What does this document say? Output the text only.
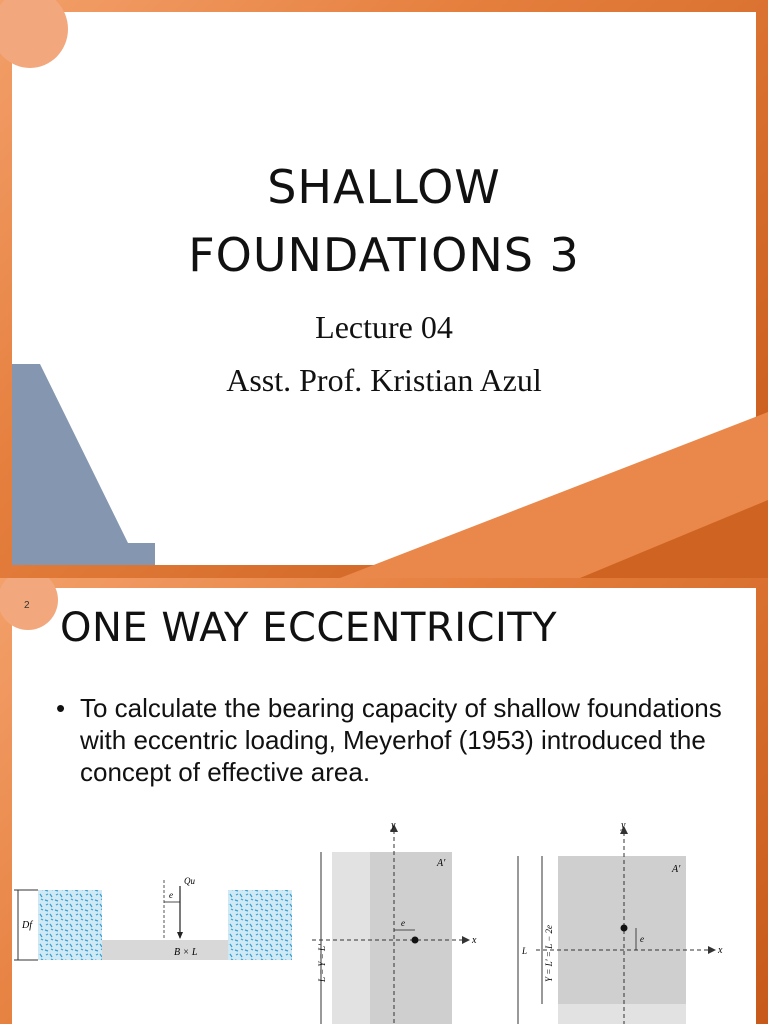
SHALLOW
FOUNDATIONS 3
Lecture 04
Asst. Prof. Kristian Azul
2 ONE WAY ECCENTRICITY
• To calculate the bearing capacity of shallow foundations with eccentric loading, Meyerhof (1953) introduced the concept of effective area.
Df
Qu
e
B × L
y
x
A′
e
L = Y = L′
y
x
A′
e
L Y = L′ = L − 2e
